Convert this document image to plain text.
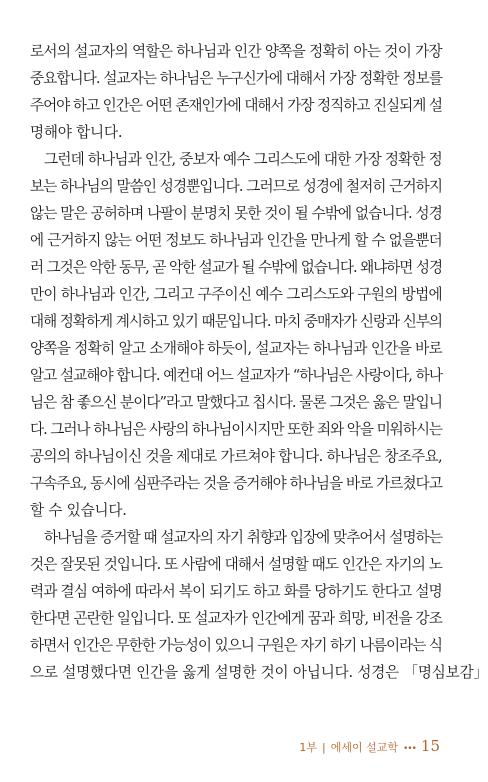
로서의 설교자의 역할은 하나님과 인간 양쪽을 정확히 아는 것이 가장
중요합니다. 설교자는 하나님은 누구신가에 대해서 가장 정확한 정보를
주어야 하고 인간은 어떤 존재인가에 대해서 가장 정직하고 진실되게 설
명해야 합니다.

그런데 하나님과 인간, 중보자 예수 그리스도에 대한 가장 정확한 정
보는 하나님의 말씀인 성경뿐입니다. 그러므로 성경에 철저히 근거하지
않는 말은 공허하며 나팔이 분명치 못한 것이 될 수밖에 없습니다. 성경
에 근거하지 않는 어떤 정보도 하나님과 인간을 만나게 할 수 없을뿐더
러 그것은 악한 동무, 곧 악한 설교가 될 수밖에 없습니다. 왜냐하면 성경
만이 하나님과 인간, 그리고 구주이신 예수 그리스도와 구원의 방법에
대해 정확하게 계시하고 있기 때문입니다. 마치 중매자가 신랑과 신부의
양쪽을 정확히 알고 소개해야 하듯이, 설교자는 하나님과 인간을 바로
알고 설교해야 합니다. 예컨대 어느 설교자가 “하나님은 사랑이다, 하나
님은 참 좋으신 분이다”라고 말했다고 칩시다. 물론 그것은 옳은 말입니
다. 그러나 하나님은 사랑의 하나님이시지만 또한 죄와 악을 미워하시는
공의의 하나님이신 것을 제대로 가르쳐야 합니다. 하나님은 창조주요,
구속주요, 동시에 심판주라는 것을 증거해야 하나님을 바로 가르쳤다고
할 수 있습니다.

하나님을 증거할 때 설교자의 자기 취향과 입장에 맞추어서 설명하는
것은 잘못된 것입니다. 또 사람에 대해서 설명할 때도 인간은 자기의 노
력과 결심 여하에 따라서 복이 되기도 하고 화를 당하기도 한다고 설명
한다면 곤란한 일입니다. 또 설교자가 인간에게 꿈과 희망, 비전을 강조
하면서 인간은 무한한 가능성이 있으니 구원은 자기 하기 나름이라는 식
으로 설명했다면 인간을 옳게 설명한 것이 아닙니다. 성경은 「명심보감」

1부 | 에세이 설교학 ••• 15
